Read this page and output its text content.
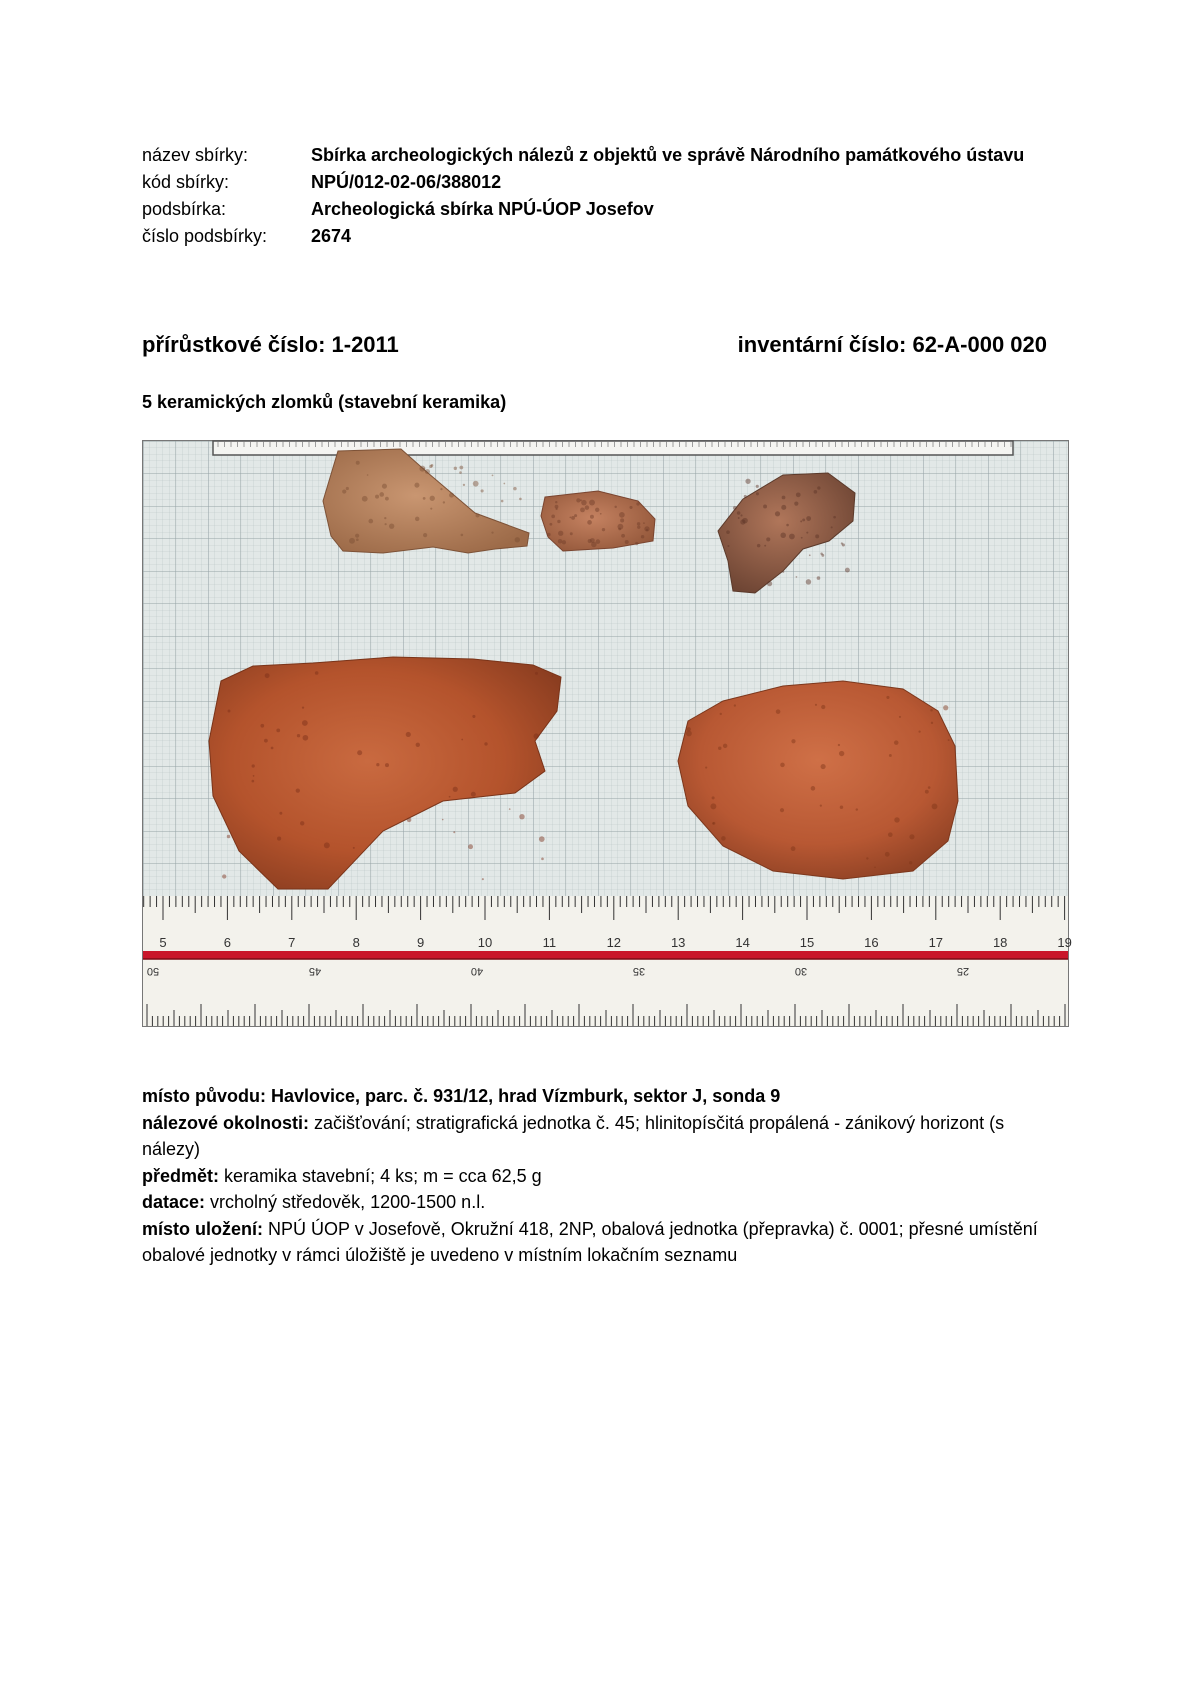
název sbírky:	Sbírka archeologických nálezů z objektů ve správě Národního památkového ústavu
kód sbírky:	NPÚ/012-02-06/388012
podsbírka:	Archeologická sbírka NPÚ-ÚOP Josefov
číslo podsbírky:	2674
přírůstkové číslo: 1-2011	inventární číslo: 62-A-000 020
5 keramických zlomků (stavební keramika)
5	6	7	8	9	10	11	12	13	14	15	16	17	18	19
50	45	40	35	30	25

místo původu: Havlovice, parc. č. 931/12, hrad Vízmburk, sektor J, sonda 9

nálezové okolnosti: začišťování; stratigrafická jednotka č. 45; hlinitopísčitá propálená - zánikový horizont (s nálezy)

předmět: keramika stavební; 4 ks; m = cca 62,5 g

datace: vrcholný středověk, 1200-1500 n.l.

místo uložení: NPÚ ÚOP v Josefově, Okružní 418, 2NP, obalová jednotka (přepravka) č. 0001; přesné umístění obalové jednotky v rámci úložiště je uvedeno v místním lokačním seznamu
